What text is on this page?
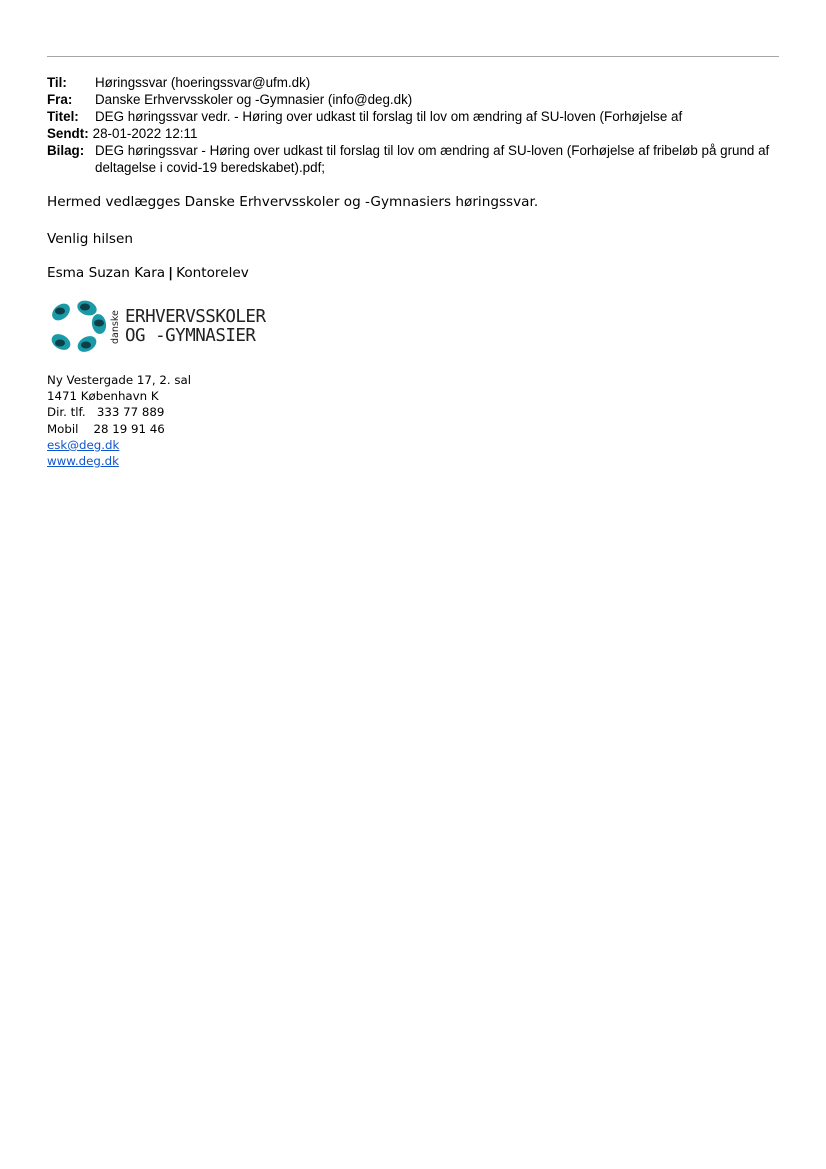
Til:	Høringssvar (hoeringssvar@ufm.dk)
Fra:	Danske Erhvervsskoler og -Gymnasier (info@deg.dk)
Titel:	DEG høringssvar vedr. - Høring over udkast til forslag til lov om ændring af SU-loven (Forhøjelse af
Sendt: 28-01-2022 12:11
Bilag: DEG høringssvar - Høring over udkast til forslag til lov om ændring af SU-loven (Forhøjelse af fribeløb på grund af deltagelse i covid-19 beredskabet).pdf;
Hermed vedlægges Danske Erhvervsskoler og -Gymnasiers høringssvar.
Venlig hilsen
Esma Suzan Kara | Kontorelev
danske ERHVERVSSKOLER
OG -GYMNASIER
Ny Vestergade 17, 2. sal
1471 København K
Dir. tlf.   333 77 889
Mobil    28 19 91 46
esk@deg.dk
www.deg.dk
